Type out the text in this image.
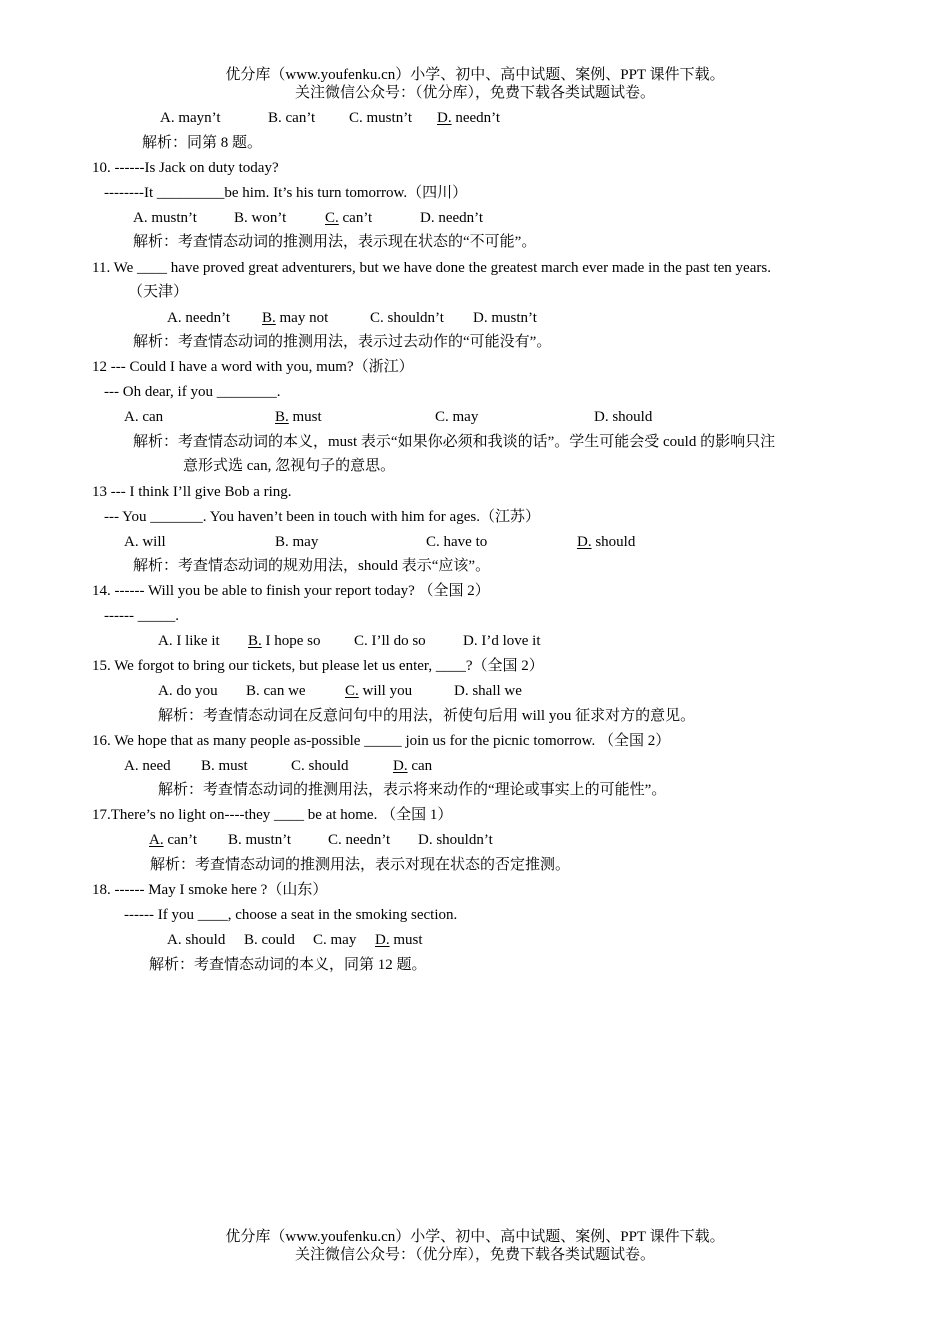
优分库（www.youfenku.cn）小学、初中、高中试题、案例、PPT 课件下载。
关注微信公众号：（优分库），免费下载各类试题试卷。
A. mayn’t	B. can’t C. mustn’t D. needn’t
解析：同第 8 题。
10. ------Is Jack on duty today?
--------It _________be him. It’s his turn tomorrow.（四川）
A. mustn’t B. won’t	C. can’t	D. needn’t
解析：考查情态动词的推测用法，表示现在状态的“不可能”。
11. We ____ have proved great adventurers, but we have done the greatest march ever made in the past ten years.
（天津）
A. needn’t B. may not	C. shouldn’t D. mustn’t
解析：考查情态动词的推测用法，表示过去动作的“可能没有”。
12 --- Could I have a word with you, mum?（浙江）
--- Oh dear, if you ________.
A. can	B. must	C. may	D. should
解析：考查情态动词的本义，must 表示“如果你必须和我谈的话”。学生可能会受 could 的影响只注
意形式选 can, 忽视句子的意思。
13 --- I think I’ll give Bob a ring.
--- You _______. You haven’t been in touch with him for ages.（江苏）
A. will	B. may	C. have to	D. should
解析：考查情态动词的规劝用法，should 表示“应该”。
14. ------ Will you be able to finish your report today? （全国 2）
------ _____.
A. I like it B. I hope so C. I’ll do so D. I’d love it
15. We forgot to bring our tickets, but please let us enter, ____?（全国 2）
A. do you B. can we	C. will you	D. shall we
解析：考查情态动词在反意问句中的用法，祈使句后用 will you 征求对方的意见。
16. We hope that as many people as-possible _____ join us for the picnic tomorrow. （全国 2）
A. need B. must	C. should	D. can
解析：考查情态动词的推测用法，表示将来动作的“理论或事实上的可能性”。
17.There’s no light on----they ____ be at home. （全国 1）
A. can’t B. mustn’t C. needn’t D. shouldn’t
解析：考查情态动词的推测用法，表示对现在状态的否定推测。
18. ------ May I smoke here ?（山东）
------ If you ____, choose a seat in the smoking section.
A. should B. could C. may D. must
解析：考查情态动词的本义，同第 12 题。
优分库（www.youfenku.cn）小学、初中、高中试题、案例、PPT 课件下载。
关注微信公众号：（优分库），免费下载各类试题试卷。
